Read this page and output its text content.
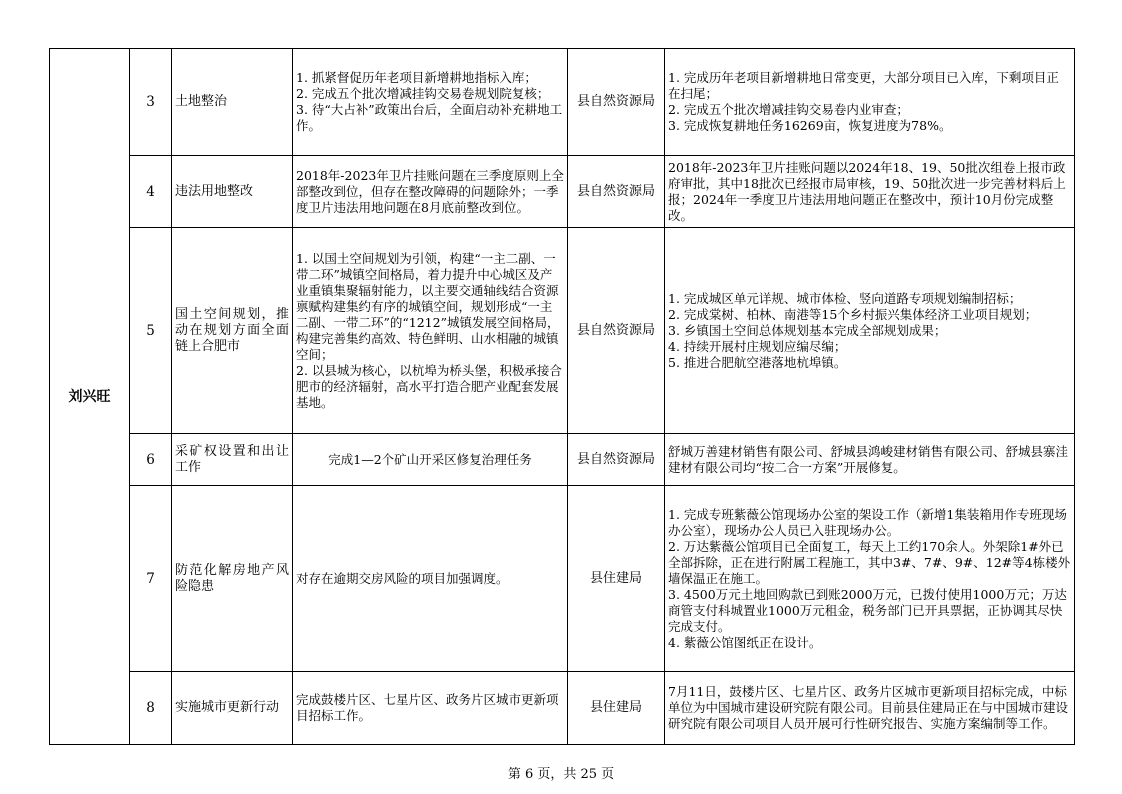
刘兴旺	3	土地整治	1. 抓紧督促历年老项目新增耕地指标入库；
2. 完成五个批次增减挂钩交易卷规划院复核；
3. 待“大占补”政策出台后，全面启动补充耕地工作。	县自然资源局	1. 完成历年老项目新增耕地日常变更，大部分项目已入库，下剩项目正在扫尾；
2. 完成五个批次增减挂钩交易卷内业审查；
3. 完成恢复耕地任务16269亩，恢复进度为78%。

	4	违法用地整改	2018年-2023年卫片挂账问题在三季度原则上全部整改到位，但存在整改障碍的问题除外；一季度卫片违法用地问题在8月底前整改到位。	县自然资源局	2018年-2023年卫片挂账问题以2024年18、19、50批次组卷上报市政府审批，其中18批次已经报市局审核，19、50批次进一步完善材料后上报；2024年一季度卫片违法用地问题正在整改中，预计10月份完成整改。

	5	国土空间规划，推动在规划方面全面链上合肥市	1. 以国土空间规划为引领，构建“一主二副、一带二环”城镇空间格局，着力提升中心城区及产业重镇集聚辐射能力，以主要交通轴线结合资源禀赋构建集约有序的城镇空间，规划形成“一主二副、一带二环”的“1212”城镇发展空间格局，构建完善集约高效、特色鲜明、山水相融的城镇空间；
2. 以县城为核心，以杭埠为桥头堡，积极承接合肥市的经济辐射，高水平打造合肥产业配套发展基地。	县自然资源局	1. 完成城区单元详规、城市体检、竖向道路专项规划编制招标；
2. 完成棠树、柏林、南港等15个乡村振兴集体经济工业项目规划；
3. 乡镇国土空间总体规划基本完成全部规划成果；
4. 持续开展村庄规划应编尽编；
5. 推进合肥航空港落地杭埠镇。

	6	采矿权设置和出让工作	完成1—2个矿山开采区修复治理任务	县自然资源局	舒城万善建材销售有限公司、舒城县鸿峻建材销售有限公司、舒城县寨洼建材有限公司均“按二合一方案”开展修复。

	7	防范化解房地产风险隐患	对存在逾期交房风险的项目加强调度。	县住建局	1. 完成专班紫薇公馆现场办公室的架设工作（新增1集装箱用作专班现场办公室），现场办公人员已入驻现场办公。
2. 万达紫薇公馆项目已全面复工，每天上工约170余人。外架除1#外已全部拆除，正在进行附属工程施工，其中3#、7#、9#、12#等4栋楼外墙保温正在施工。
3. 4500万元土地回购款已到账2000万元，已拨付使用1000万元；万达商管支付科城置业1000万元租金，税务部门已开具票据，正协调其尽快完成支付。
4. 紫薇公馆图纸正在设计。

	8	实施城市更新行动	完成鼓楼片区、七星片区、政务片区城市更新项目招标工作。	县住建局	7月11日，鼓楼片区、七星片区、政务片区城市更新项目招标完成，中标单位为中国城市建设研究院有限公司。目前县住建局正在与中国城市建设研究院有限公司项目人员开展可行性研究报告、实施方案编制等工作。
第 6 页，共 25 页
